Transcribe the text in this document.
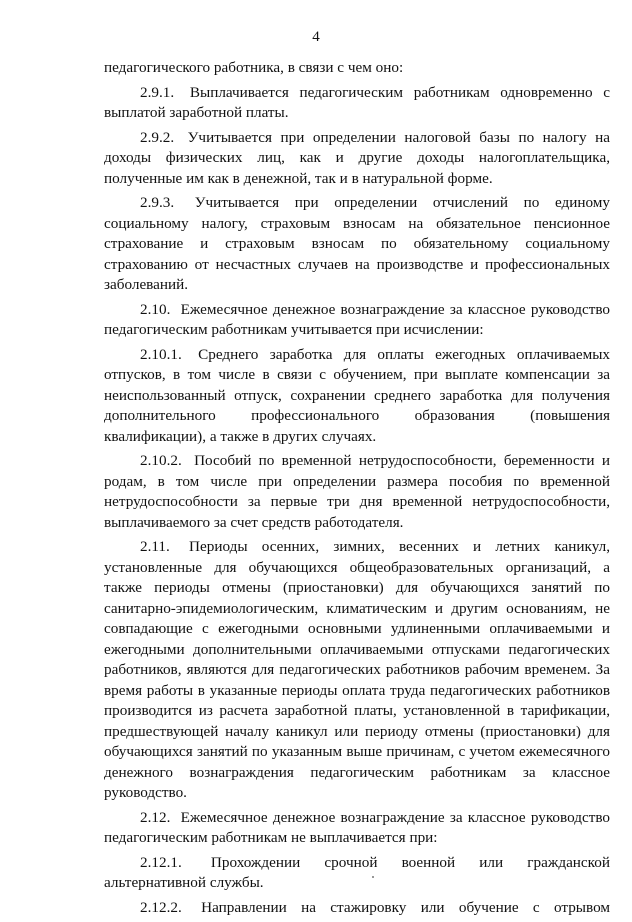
4

педагогического работника, в связи с чем оно:

2.9.1. Выплачивается педагогическим работникам одновременно с выплатой заработной платы.

2.9.2. Учитывается при определении налоговой базы по налогу на доходы физических лиц, как и другие доходы налогоплательщика, полученные им как в денежной, так и в натуральной форме.

2.9.3. Учитывается при определении отчислений по единому социальному налогу, страховым взносам на обязательное пенсионное страхование и страховым взносам по обязательному социальному страхованию от несчастных случаев на производстве и профессиональных заболеваний.

2.10. Ежемесячное денежное вознаграждение за классное руководство педагогическим работникам учитывается при исчислении:

2.10.1. Среднего заработка для оплаты ежегодных оплачиваемых отпусков, в том числе в связи с обучением, при выплате компенсации за неиспользованный отпуск, сохранении среднего заработка для получения дополнительного профессионального образования (повышения квалификации), а также в других случаях.

2.10.2. Пособий по временной нетрудоспособности, беременности и родам, в том числе при определении размера пособия по временной нетрудоспособности за первые три дня временной нетрудоспособности, выплачиваемого за счет средств работодателя.

2.11. Периоды осенних, зимних, весенних и летних каникул, установленные для обучающихся общеобразовательных организаций, а также периоды отмены (приостановки) для обучающихся занятий по санитарно-эпидемиологическим, климатическим и другим основаниям, не совпадающие с ежегодными основными удлиненными оплачиваемыми и ежегодными дополнительными оплачиваемыми отпусками педагогических работников, являются для педагогических работников рабочим временем. За время работы в указанные периоды оплата труда педагогических работников производится из расчета заработной платы, установленной в тарификации, предшествующей началу каникул или периоду отмены (приостановки) для обучающихся занятий по указанным выше причинам, с учетом ежемесячного денежного вознаграждения педагогическим работникам за классное руководство.

2.12. Ежемесячное денежное вознаграждение за классное руководство педагогическим работникам не выплачивается при:

2.12.1. Прохождении срочной военной или гражданской альтернативной службы.

2.12.2. Направлении на стажировку или обучение с отрывом
